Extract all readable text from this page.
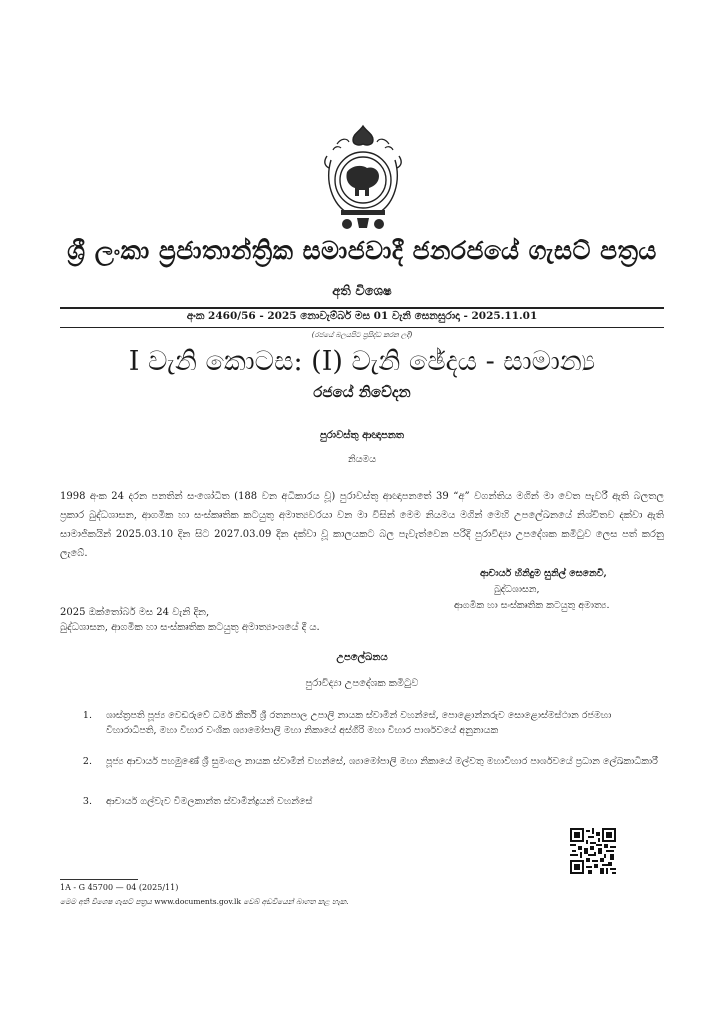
ශ්‍රී ලංකා ප්‍රජාතාන්ත්‍රික සමාජවාදී ජනරජයේ ගැසට් පත්‍රය
අති විශෙෂ
අංක 2460/56 - 2025 නොවැම්බර් මස 01 වැනි සෙනසුරාදා - 2025.11.01
(රජයේ බලයපිට ප්‍රසිද්ධ කරන ලදී)
I වැනි කොටස: (I) වැනි ඡේදය - සාමාන්‍ය
රජයේ නිවේදන
පුරාවස්තු ආඥාපනත
නියමය
1998 අංක 24 දරන පනතින් සංශෝධිත (188 වන අධිකාරය වූ) පුරාවස්තු ආඥාපනතේ 39 “අ” වගන්තිය මගින් මා වෙත පැවරී ඇති බලතල ප්‍රකාර බුද්ධශාසන, ආගමික හා සංස්කෘතික කටයුතු අමාත්‍යවරයා වන මා විසින් මෙම නියමය මගින් මෙහි උපලේඛනයේ නිශ්චිතව දක්වා ඇති සාමාජිකයින් 2025.03.10 දින සිට 2027.03.09 දින දක්වා වූ කාලයකට බල පැවැත්වෙන පරිදි පුරාවිද්‍යා උපදේශක කමිටුව ලෙස පත් කරනු ලැබේ.
ආචාර්ය හිනිදුම සුනිල් සෙනෙවි,
බුද්ධශාසන,
ආගමික හා සංස්කෘතික කටයුතු අමාත්‍ය.
2025 ඔක්තෝබර් මස 24 වැනි දින,
බුද්ධශාසන, ආගමික හා සංස්කෘතික කටයුතු අමාත්‍යාංශයේ දී ය.
උපලේඛනය
පුරාවිද්‍යා උපදේශක කමිටුව
1. ශාස්ත්‍රපති පූජ්‍ය වෙඩරුවේ ධර්ම කීර්ති ශ්‍රී රතනපාල උපාලි නායක ස්වාමීන් වහන්සේ, පොළොන්නරුව සොළොස්මස්ථාන රජමහා විහාරාධිපති, මහා විහාර වංශික ශ්‍යාමෝපාලි මහා නිකායේ අස්ගිරි මහා විහාර පාර්ශවයේ අනුනායක
2. පූජ්‍ය ආචාර්ය පහමුණේ ශ්‍රී සුමංගල නායක ස්වාමීන් වහන්සේ, ශ්‍යාමෝපාලි මහා නිකායේ මල්වතු මහාවිහාර පාර්ශවයේ ප්‍රධාන ලේඛකාධිකාරී
3. ආචාර්ය ගල්වැව විමලකාන්ත ස්වාමීන්ද්‍රයන් වහන්සේ
1A - G 45700 — 04 (2025/11)
මෙම අති විශෙෂ ගැසට් පත්‍රය www.documents.gov.lk වෙබ් අඩවියෙන් බාගත කළ හැක.
